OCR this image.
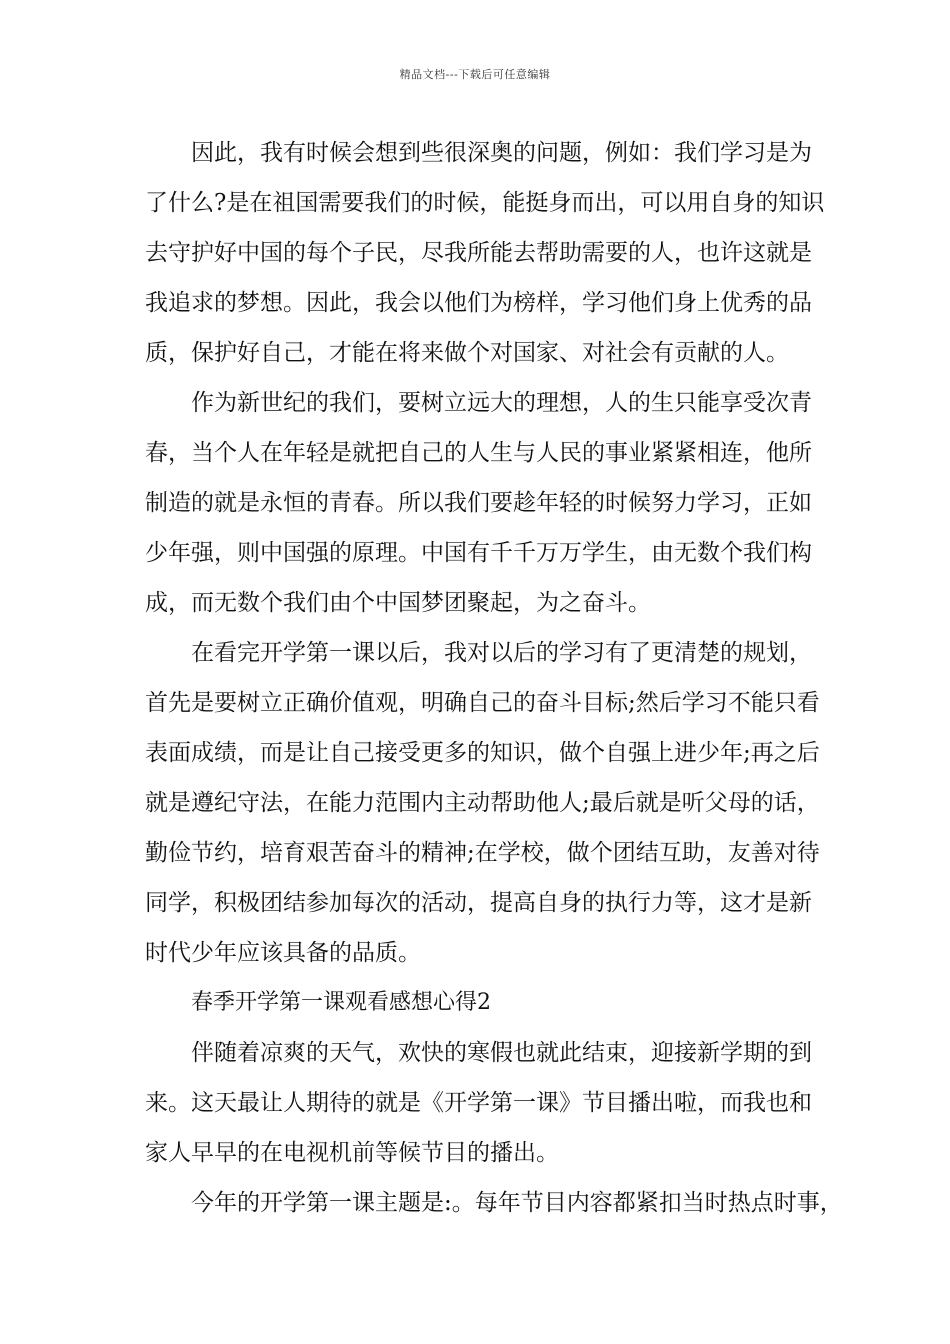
精品文档---下载后可任意编辑
因此，我有时候会想到些很深奥的问题，例如：我们学习是为
了什么?是在祖国需要我们的时候，能挺身而出，可以用自身的知识
去守护好中国的每个子民，尽我所能去帮助需要的人，也许这就是
我追求的梦想。因此，我会以他们为榜样，学习他们身上优秀的品
质，保护好自己，才能在将来做个对国家、对社会有贡献的人。
作为新世纪的我们，要树立远大的理想，人的生只能享受次青
春，当个人在年轻是就把自己的人生与人民的事业紧紧相连，他所
制造的就是永恒的青春。所以我们要趁年轻的时候努力学习，正如
少年强，则中国强的原理。中国有千千万万学生，由无数个我们构
成，而无数个我们由个中国梦团聚起，为之奋斗。
在看完开学第一课以后，我对以后的学习有了更清楚的规划，
首先是要树立正确价值观，明确自己的奋斗目标;然后学习不能只看
表面成绩，而是让自己接受更多的知识，做个自强上进少年;再之后
就是遵纪守法，在能力范围内主动帮助他人;最后就是听父母的话，
勤俭节约，培育艰苦奋斗的精神;在学校，做个团结互助，友善对待
同学，积极团结参加每次的活动，提高自身的执行力等，这才是新
时代少年应该具备的品质。
春季开学第一课观看感想心得2
伴随着凉爽的天气，欢快的寒假也就此结束，迎接新学期的到
来。这天最让人期待的就是《开学第一课》节目播出啦，而我也和
家人早早的在电视机前等候节目的播出。
今年的开学第一课主题是:。每年节目内容都紧扣当时热点时事，
